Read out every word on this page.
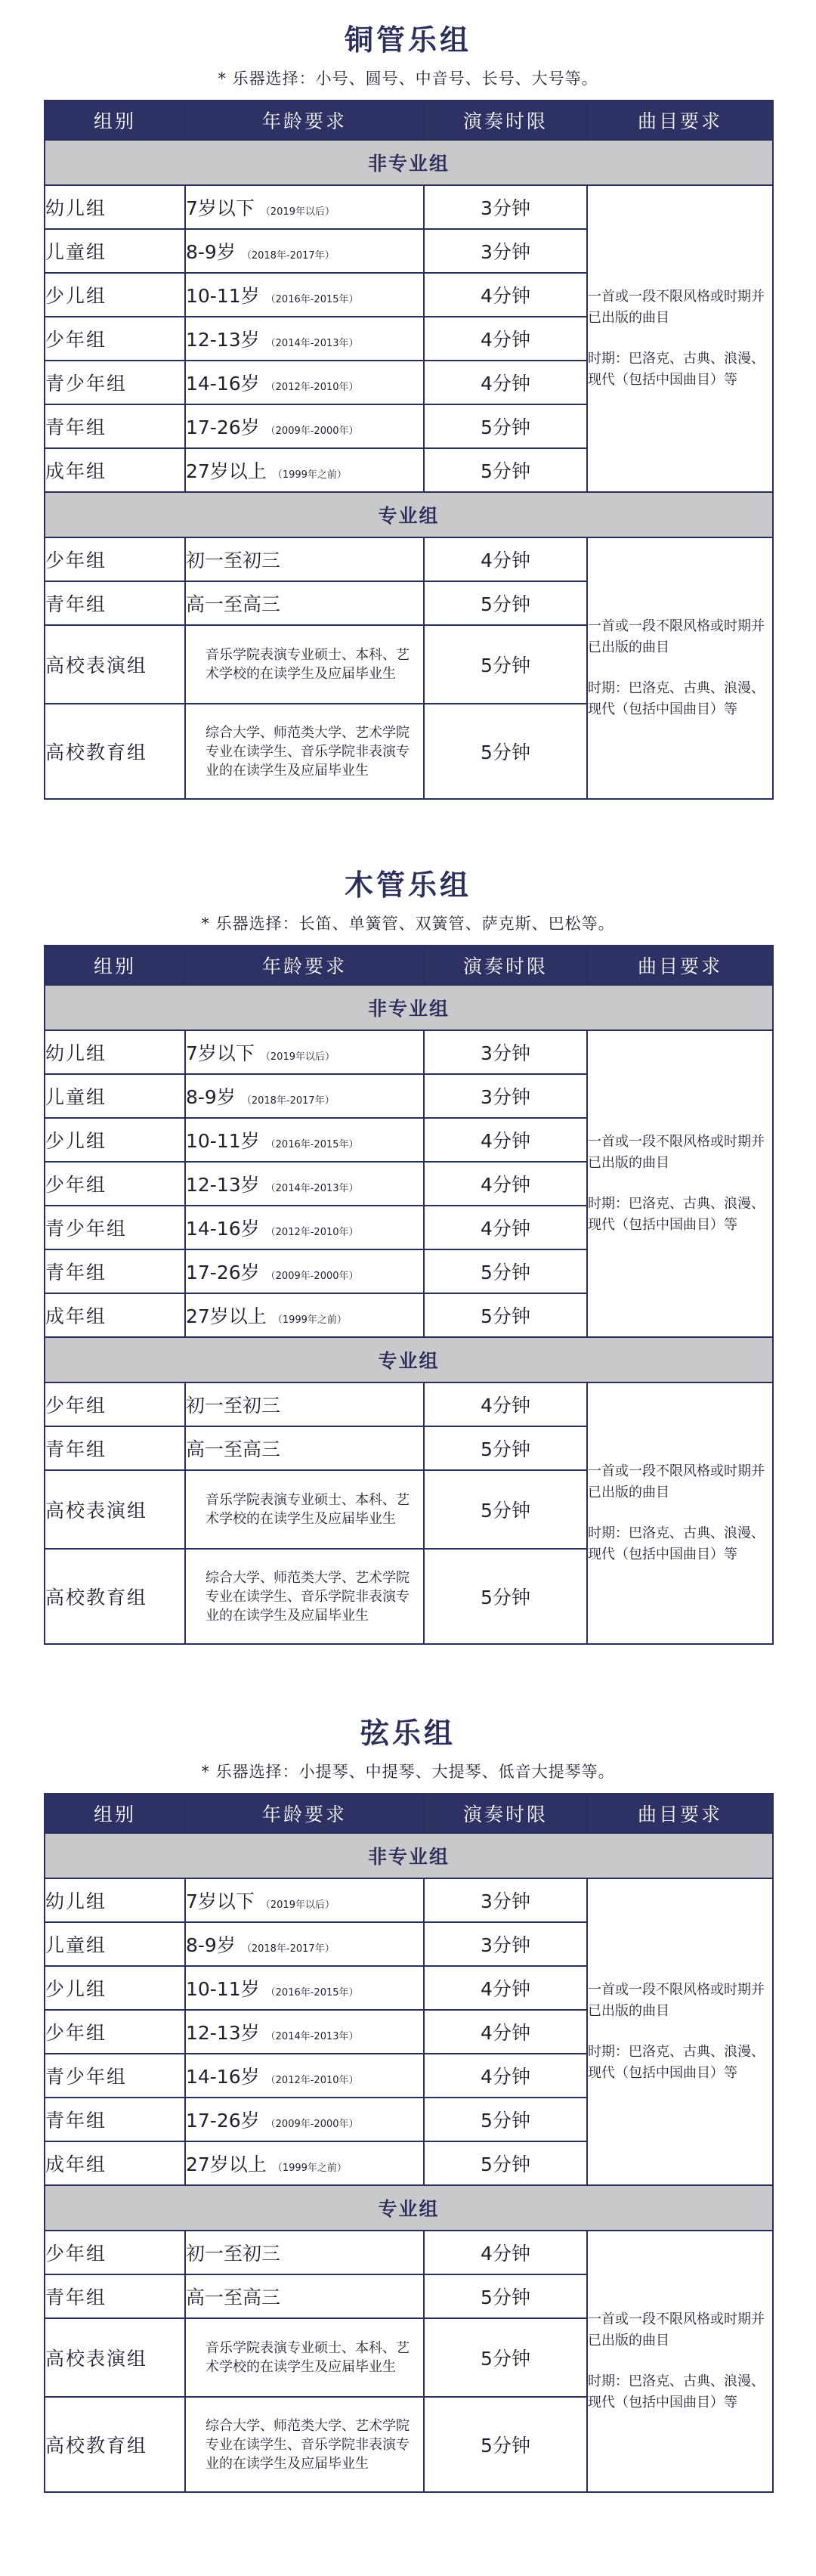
铜管乐组
* 乐器选择：小号、圆号、中音号、长号、大号等。
组别	年龄要求	演奏时限	曲目要求
非专业组			
幼儿组	7岁以下 （2019年以后）	3分钟	一首或一段不限风格或时期并已出版的曲目

时期：巴洛克、古典、浪漫、现代（包括中国曲目）等

儿童组	8-9岁 （2018年-2017年）	3分钟	
少儿组	10-11岁 （2016年-2015年）	4分钟	
少年组	12-13岁 （2014年-2013年）	4分钟	
青少年组	14-16岁 （2012年-2010年）	4分钟	
青年组	17-26岁 （2009年-2000年）	5分钟	
成年组	27岁以上 （1999年之前）	5分钟	
专业组			
少年组	初一至初三	4分钟	一首或一段不限风格或时期并已出版的曲目

时期：巴洛克、古典、浪漫、现代（包括中国曲目）等

青年组	高一至高三	5分钟	
高校表演组	音乐学院表演专业硕士、本科、艺术学校的在读学生及应届毕业生	5分钟	
高校教育组	综合大学、师范类大学、艺术学院专业在读学生、音乐学院非表演专业的在读学生及应届毕业生	5分钟	
木管乐组
* 乐器选择：长笛、单簧管、双簧管、萨克斯、巴松等。
组别	年龄要求	演奏时限	曲目要求
非专业组			
幼儿组	7岁以下 （2019年以后）	3分钟	一首或一段不限风格或时期并已出版的曲目

时期：巴洛克、古典、浪漫、现代（包括中国曲目）等

儿童组	8-9岁 （2018年-2017年）	3分钟	
少儿组	10-11岁 （2016年-2015年）	4分钟	
少年组	12-13岁 （2014年-2013年）	4分钟	
青少年组	14-16岁 （2012年-2010年）	4分钟	
青年组	17-26岁 （2009年-2000年）	5分钟	
成年组	27岁以上 （1999年之前）	5分钟	
专业组			
少年组	初一至初三	4分钟	一首或一段不限风格或时期并已出版的曲目

时期：巴洛克、古典、浪漫、现代（包括中国曲目）等

青年组	高一至高三	5分钟	
高校表演组	音乐学院表演专业硕士、本科、艺术学校的在读学生及应届毕业生	5分钟	
高校教育组	综合大学、师范类大学、艺术学院专业在读学生、音乐学院非表演专业的在读学生及应届毕业生	5分钟	
弦乐组
* 乐器选择：小提琴、中提琴、大提琴、低音大提琴等。
组别	年龄要求	演奏时限	曲目要求
非专业组			
幼儿组	7岁以下 （2019年以后）	3分钟	一首或一段不限风格或时期并已出版的曲目

时期：巴洛克、古典、浪漫、现代（包括中国曲目）等

儿童组	8-9岁 （2018年-2017年）	3分钟	
少儿组	10-11岁 （2016年-2015年）	4分钟	
少年组	12-13岁 （2014年-2013年）	4分钟	
青少年组	14-16岁 （2012年-2010年）	4分钟	
青年组	17-26岁 （2009年-2000年）	5分钟	
成年组	27岁以上 （1999年之前）	5分钟	
专业组			
少年组	初一至初三	4分钟	一首或一段不限风格或时期并已出版的曲目

时期：巴洛克、古典、浪漫、现代（包括中国曲目）等

青年组	高一至高三	5分钟	
高校表演组	音乐学院表演专业硕士、本科、艺术学校的在读学生及应届毕业生	5分钟	
高校教育组	综合大学、师范类大学、艺术学院专业在读学生、音乐学院非表演专业的在读学生及应届毕业生	5分钟	
